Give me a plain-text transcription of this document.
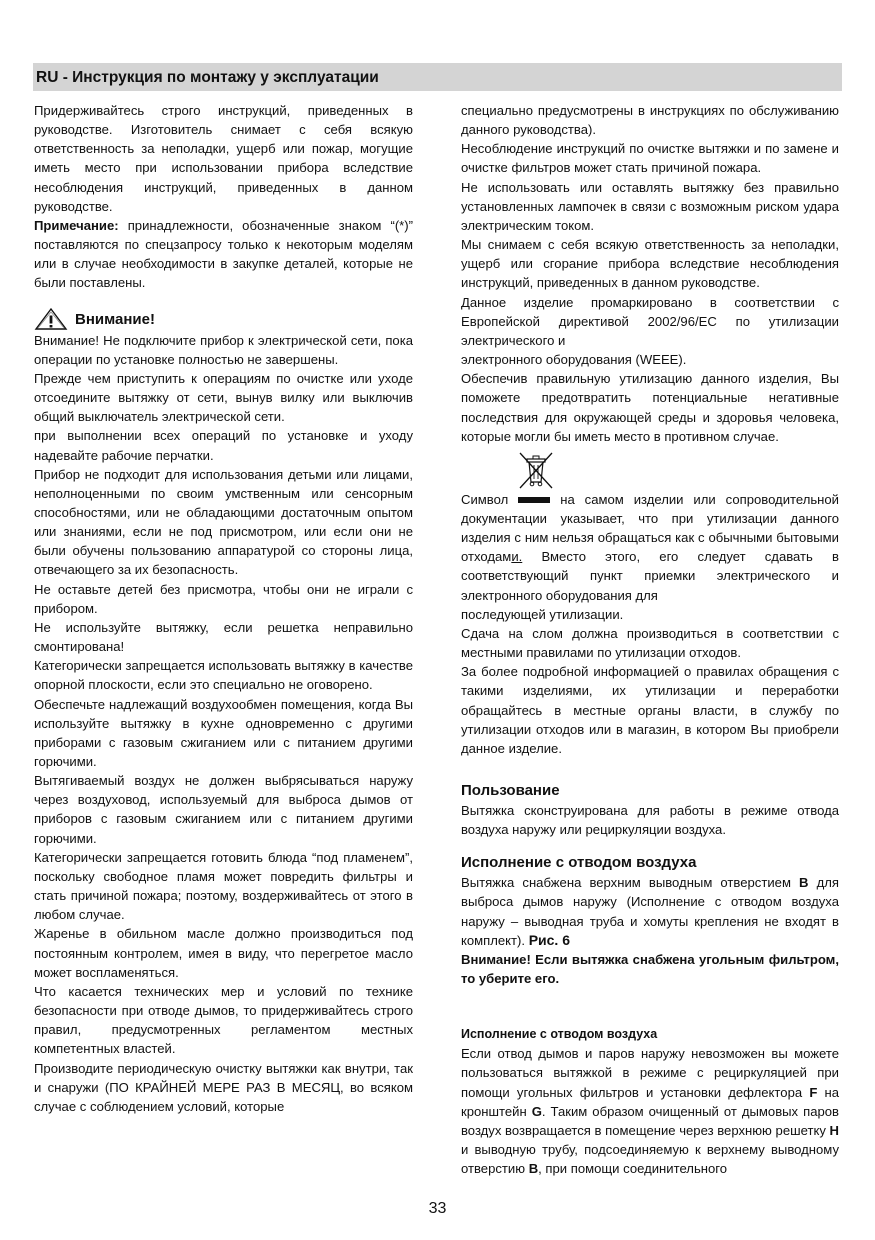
RU - Инструкция по монтажу у эксплуатации

Придерживайтесь строго инструкций, приведенных в руководстве. Изготовитель снимает с себя всякую ответственность за неполадки, ущерб или пожар, могущие иметь место при использовании прибора вследствие несоблюдения инструкций, приведенных в данном руководстве.

Примечание: принадлежности, обозначенные знаком “(*)” поставляются по спецзапросу только к некоторым моделям или в случае необходимости в закупке деталей, которые не были поставлены.

Внимание!

Внимание! Не подключите прибор к электрической сети, пока операции по установке полностью не завершены.

Прежде чем приступить к операциям по очистке или уходе отсоедините вытяжку от сети, вынув вилку или выключив общий выключатель электрической сети.

при выполнении всех операций по установке и уходу надевайте рабочие перчатки.

Прибор не подходит для использования детьми или лицами, неполноценными по своим умственным или сенсорным способностями, или не обладающими достаточным опытом или знаниями, если не под присмотром, или если они не были обучены пользованию аппаратурой со стороны лица, отвечающего за их безопасность.

Не оставьте детей без присмотра, чтобы они не играли с прибором.

Не используйте вытяжку, если решетка неправильно смонтирована!

Категорически запрещается использовать вытяжку в качестве опорной плоскости, если это специально не оговорено.

Обеспечьте надлежащий воздухообмен помещения, когда Вы используйте вытяжку в кухне одновременно с другими приборами с газовым сжиганием или с питанием другими горючими.

Вытягиваемый воздух не должен выбрясываться наружу через воздуховод, используемый для выброса дымов от приборов с газовым сжиганием или с питанием другими горючими.

Категорически запрещается готовить блюда “под пламенем”, поскольку свободное пламя может повредить фильтры и стать причиной пожара; поэтому, воздерживайтесь от этого в любом случае.

Жаренье в обильном масле должно производиться под постоянным контролем, имея в виду, что перегретое масло может воспламеняться.

Что касается технических мер и условий по технике безопасности при отводе дымов, то придерживайтесь строго правил, предусмотренных регламентом местных компетентных властей.

Производите периодическую очистку вытяжки как внутри, так и снаружи (ПО КРАЙНЕЙ МЕРЕ РАЗ В МЕСЯЦ, во всяком случае с соблюдением условий, которые

специально предусмотрены в инструкциях по обслуживанию данного руководства).

Несоблюдение инструкций по очистке вытяжки и по замене и очистке фильтров может стать причиной пожара.

Не использовать или оставлять вытяжку без правильно установленных лампочек в связи с возможным риском удара электрическим током.

Мы снимаем с себя всякую ответственность за неполадки, ущерб или сгорание прибора вследствие несоблюдения инструкций, приведенных в данном руководстве.

Данное изделие промаркировано в соответствии с Европейской директивой 2002/96/EC по утилизации электрического и

электронного оборудования (WEEE).

Обеспечив правильную утилизацию данного изделия, Вы поможете предотвратить потенциальные негативные последствия для окружающей среды и здоровья человека, которые могли бы иметь место в противном случае.

Символ	на самом изделии или сопроводительной документации указывает, что при утилизации данного изделия с ним нельзя обращаться как с обычными бытовыми отходами. Вместо этого, его следует сдавать в соответствующий пункт приемки электрического и электронного оборудования для

последующей утилизации.

Сдача на слом должна производиться в соответствии с местными правилами по утилизации отходов.

За более подробной информацией о правилах обращения с такими изделиями, их утилизации и переработки обращайтесь в местные органы власти, в службу по утилизации отходов или в магазин, в котором Вы приобрели данное изделие.

Пользование

Вытяжка сконструирована для работы в режиме отвода воздуха наружу или рециркуляции воздуха.

Исполнение с отводом воздуха

Вытяжка снабжена верхним выводным отверстием B для выброса дымов наружу (Исполнение с отводом воздуха наружу – выводная труба и хомуты крепления не входят в комплект). Рис. 6

Внимание! Если вытяжка снабжена угольным фильтром, то уберите его.

Исполнение с отводом воздуха

Если отвод дымов и паров наружу невозможен вы можете пользоваться вытяжкой в режиме с рециркуляцией при помощи угольных фильтров и установки дефлектора F на кронштейн G. Таким образом очищенный от дымовых паров воздух возвращается в помещение через верхнюю решетку H и выводную трубу, подсоединяемую к верхнему выводному отверстию B, при помощи соединительного

33
